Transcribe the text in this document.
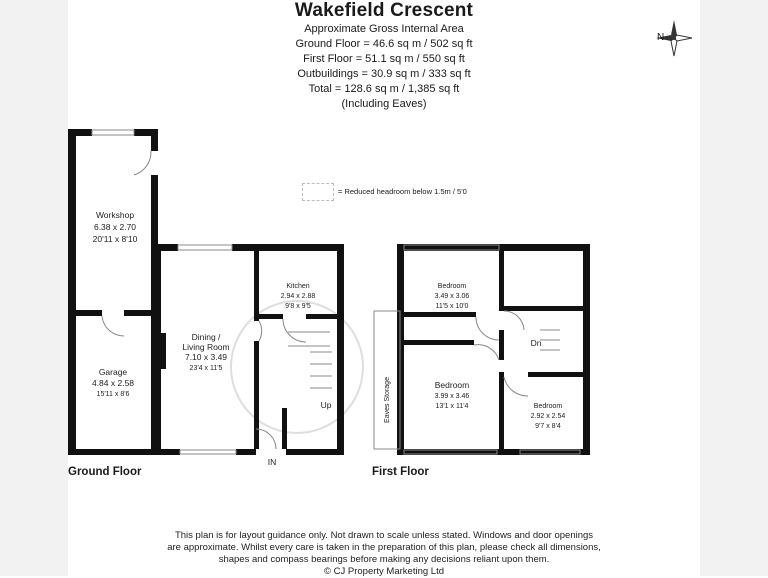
Wakefield Crescent
Approximate Gross Internal Area
Ground Floor = 46.6 sq m / 502 sq ft
First Floor = 51.1 sq m / 550 sq ft
Outbuildings = 30.9 sq m / 333 sq ft
Total = 128.6 sq m / 1,385 sq ft
(Including Eaves)
N
= Reduced headroom below 1.5m / 5'0
Workshop
6.38 x 2.70
20'11 x 8'10
Garage
4.84 x 2.58
15'11 x 8'6
Dining /
Living Room
7.10 x 3.49
23'4 x 11'5
Kitchen
2.94 x 2.88
9'8 x 9'5
Up
IN
Bedroom
3.49 x 3.06
11'5 x 10'0
Bedroom
3.99 x 3.46
13'1 x 11'4	Bedroom
2.92 x 2.54
9'7 x 8'4
Dn
Eaves Storage
Ground Floor	First Floor
This plan is for layout guidance only. Not drawn to scale unless stated. Windows and door openings
are approximate. Whilst every care is taken in the preparation of this plan, please check all dimensions,
shapes and compass bearings before making any decisions reliant upon them.
© CJ Property Marketing Ltd
